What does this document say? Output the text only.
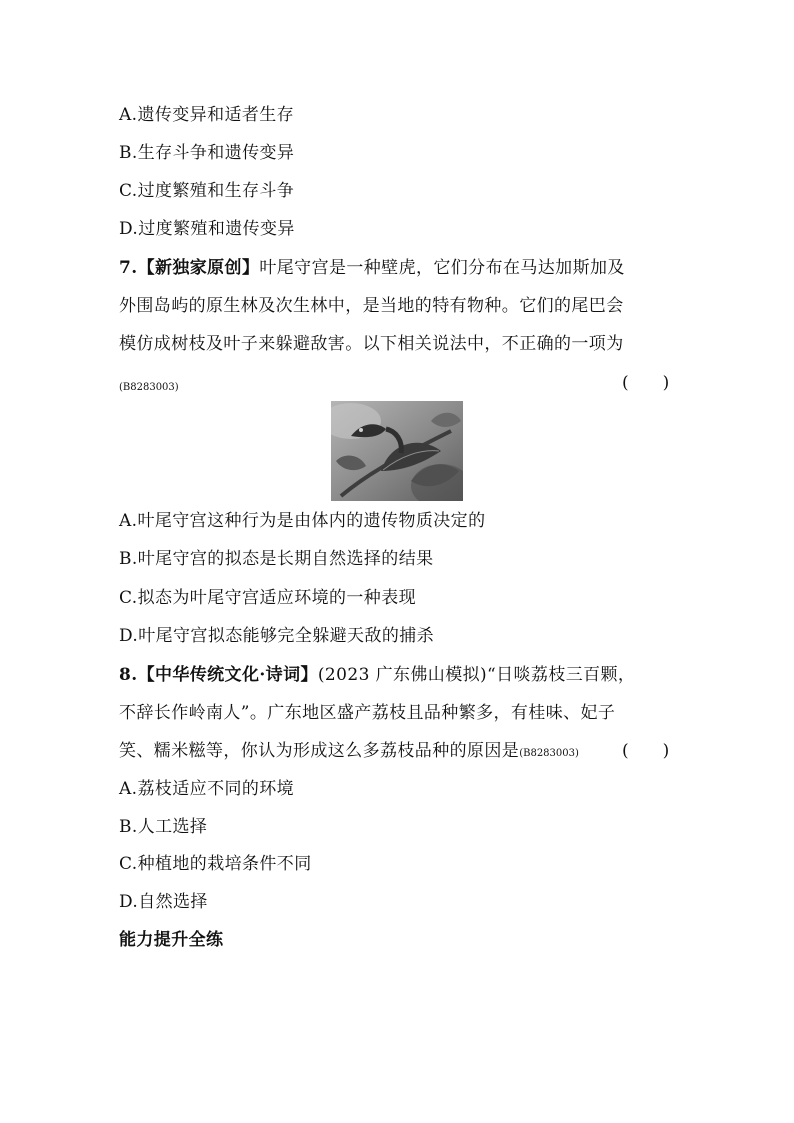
A.遗传变异和适者生存
B.生存斗争和遗传变异
C.过度繁殖和生存斗争
D.过度繁殖和遗传变异
7.【新独家原创】叶尾守宫是一种壁虎，它们分布在马达加斯加及
外围岛屿的原生林及次生林中，是当地的特有物种。它们的尾巴会
模仿成树枝及叶子来躲避敌害。以下相关说法中，不正确的一项为
(B8283003)	(　　)
A.叶尾守宫这种行为是由体内的遗传物质决定的
B.叶尾守宫的拟态是长期自然选择的结果
C.拟态为叶尾守宫适应环境的一种表现
D.叶尾守宫拟态能够完全躲避天敌的捕杀
8.【中华传统文化·诗词】(2023 广东佛山模拟)“日啖荔枝三百颗，
不辞长作岭南人”。广东地区盛产荔枝且品种繁多，有桂味、妃子
笑、糯米糍等，你认为形成这么多荔枝品种的原因是(B8283003)	(　　)
A.荔枝适应不同的环境
B.人工选择
C.种植地的栽培条件不同
D.自然选择
能力提升全练
